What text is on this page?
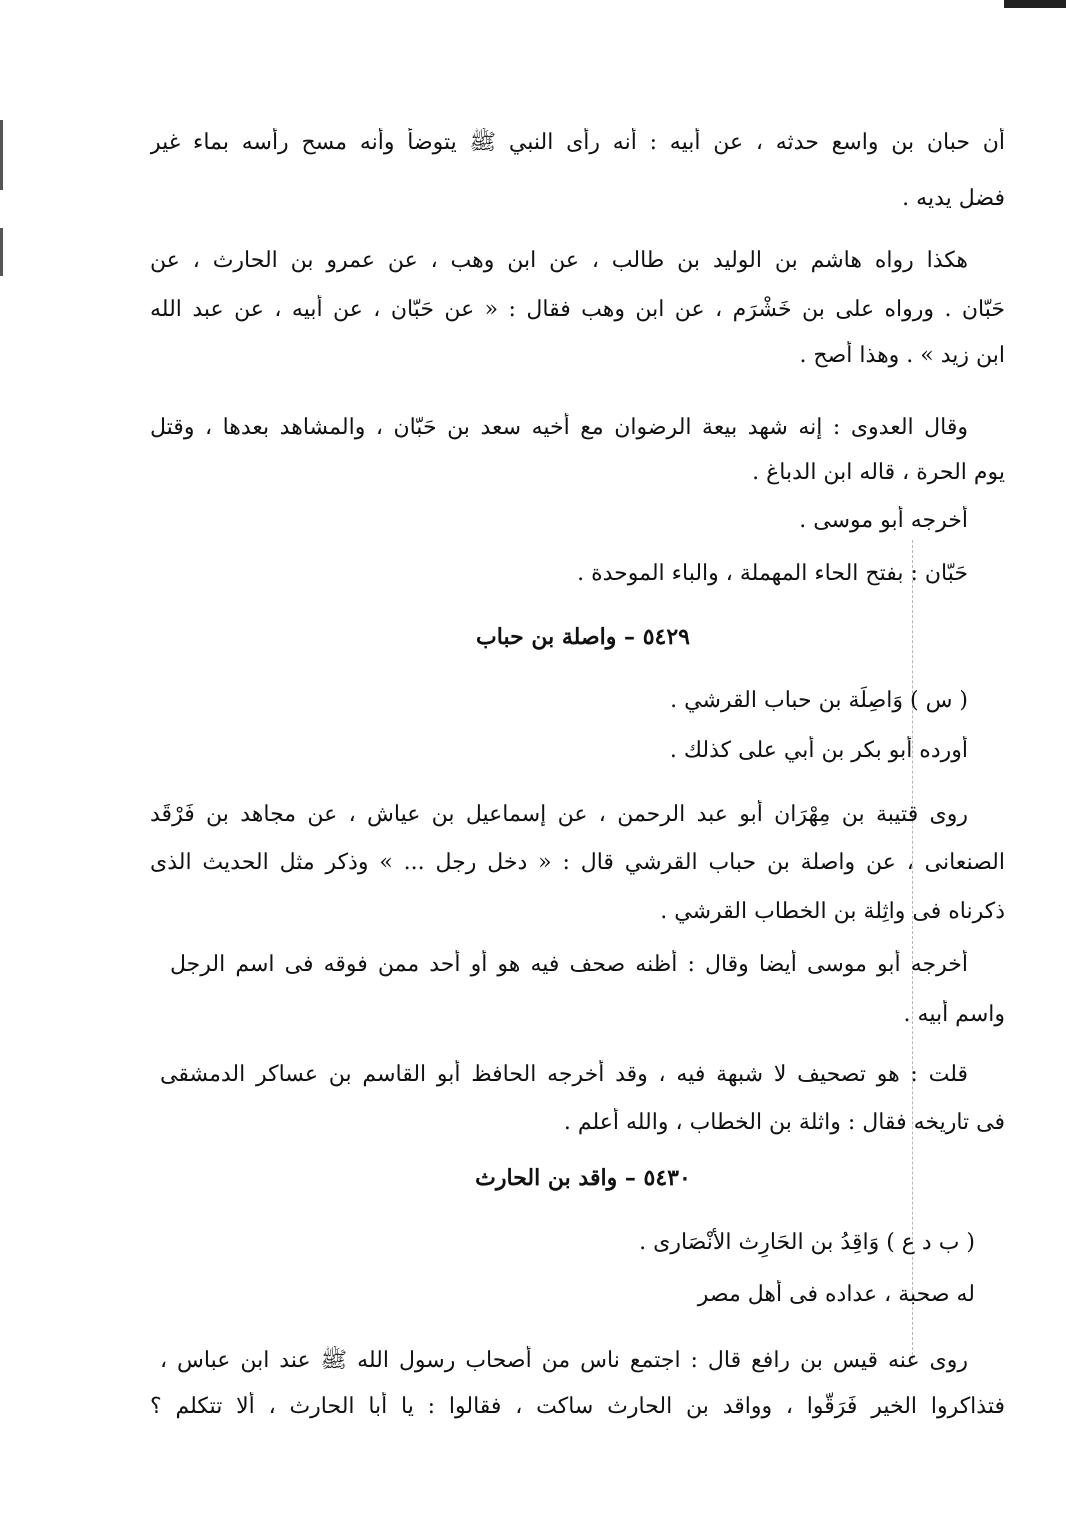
أن حبان بن واسع حدثه ، عن أبيه : أنه رأى النبي ﷺ يتوضأ وأنه مسح رأسه بماء غير
فضل يديه .
هكذا رواه هاشم بن الوليد بن طالب ، عن ابن وهب ، عن عمرو بن الحارث ، عن
حَبّان . ورواه على بن خَشْرَم ، عن ابن وهب فقال : « عن حَبّان ، عن أبيه ، عن عبد الله
ابن زيد » . وهذا أصح .
وقال العدوى : إنه شهد بيعة الرضوان مع أخيه سعد بن حَبّان ، والمشاهد بعدها ، وقتل
يوم الحرة ، قاله ابن الدباغ .
أخرجه أبو موسى .
حَبّان : بفتح الحاء المهملة ، والباء الموحدة .
٥٤٢٩ – واصلة بن حباب
( س ) وَاصِلَة بن حباب القرشي .
أورده أبو بكر بن أبي على كذلك .
روى قتيبة بن مِهْرَان أبو عبد الرحمن ، عن إسماعيل بن عياش ، عن مجاهد بن فَرْقَد
الصنعانى ، عن واصلة بن حباب القرشي قال : « دخل رجل ... » وذكر مثل الحديث الذى
ذكرناه فى واثِلة بن الخطاب القرشي .
أخرجه أبو موسى أيضا وقال : أظنه صحف فيه هو أو أحد ممن فوقه فى اسم الرجل
واسم أبيه .
قلت : هو تصحيف لا شبهة فيه ، وقد أخرجه الحافظ أبو القاسم بن عساكر الدمشقى
فى تاريخه فقال : واثلة بن الخطاب ، والله أعلم .
٥٤٣٠ – واقد بن الحارث
( ب د ع ) وَاقِدُ بن الحَارِث الأنْصَارى .
له صحبة ، عداده فى أهل مصر
روى عنه قيس بن رافع قال : اجتمع ناس من أصحاب رسول الله ﷺ عند ابن عباس ،
فتذاكروا الخير فَرَقُّوا ، وواقد بن الحارث ساكت ، فقالوا : يا أبا الحارث ، ألا تتكلم ؟
